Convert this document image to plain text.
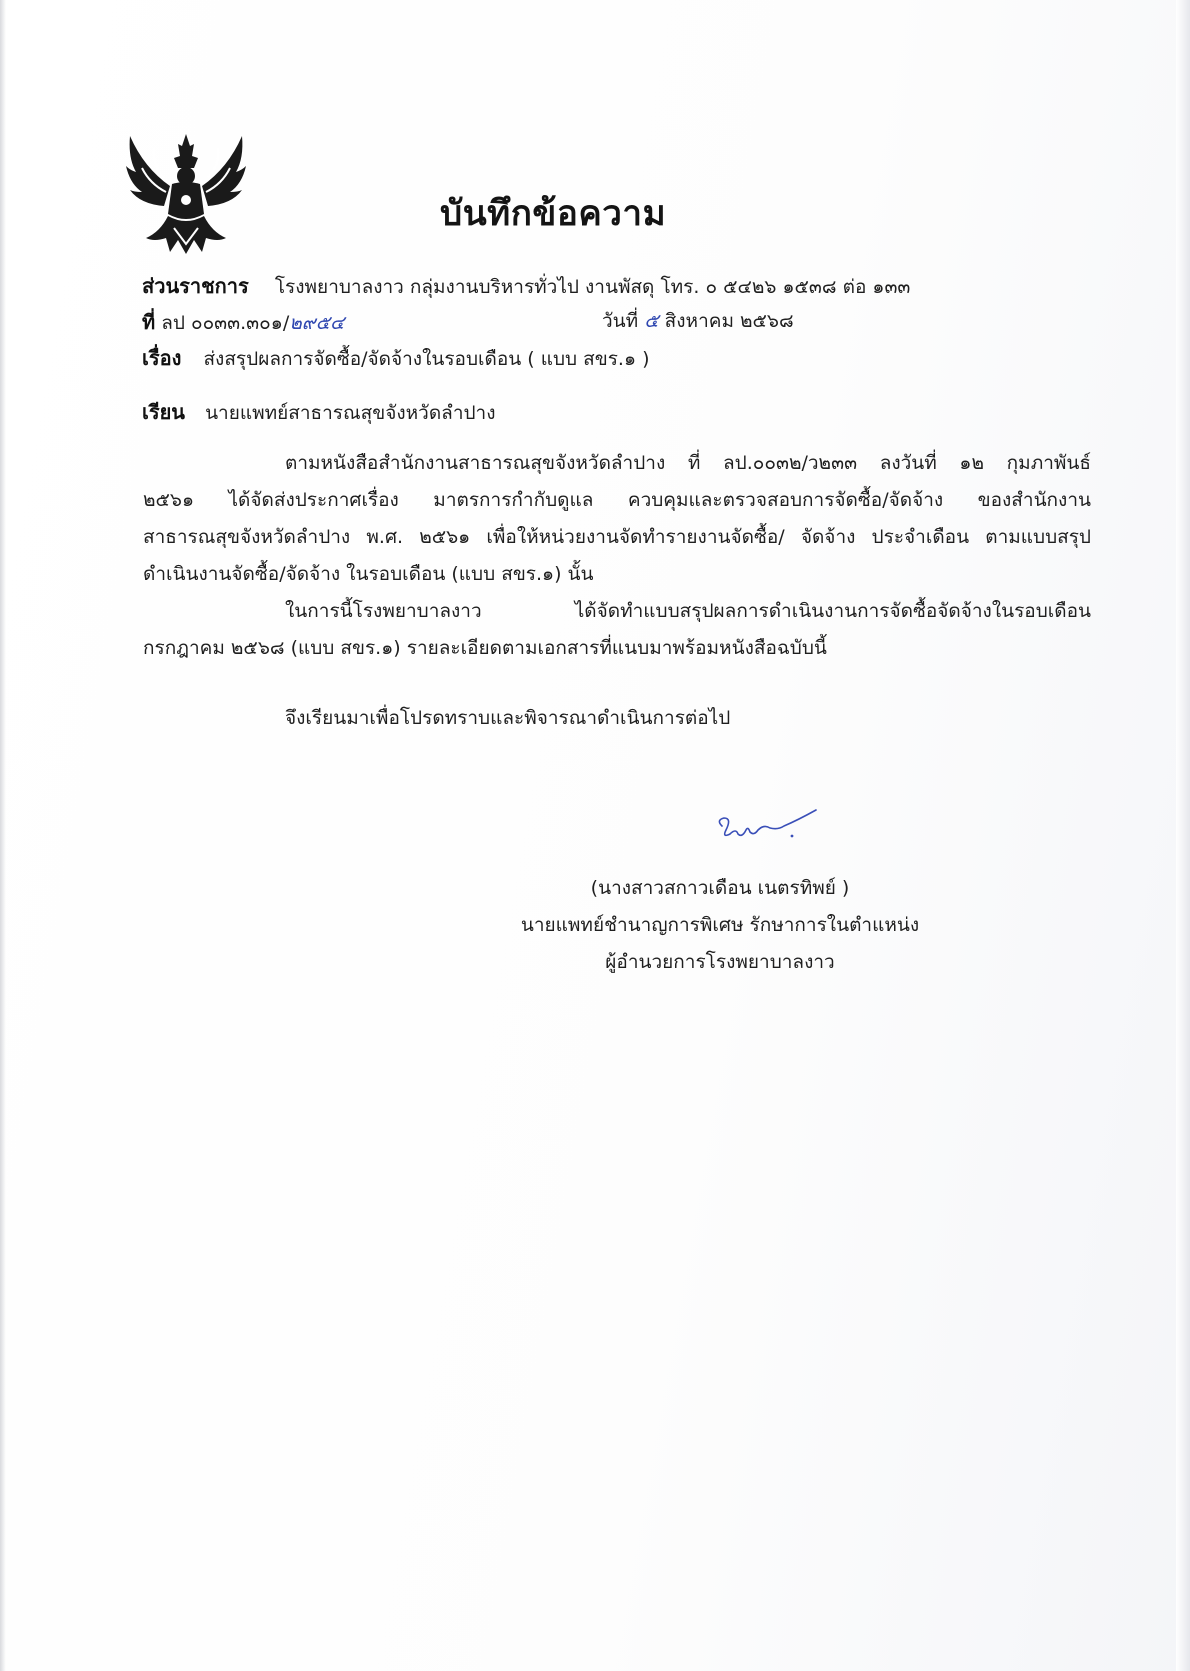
บันทึกข้อความ
ส่วนราชการ โรงพยาบาลงาว กลุ่มงานบริหารทั่วไป งานพัสดุ โทร. ๐ ๕๔๒๖ ๑๕๓๘ ต่อ ๑๓๓
ที่ ลป ๐๐๓๓.๓๐๑/๒๙๕๔	วันที่ ๕ สิงหาคม ๒๕๖๘
เรื่อง ส่งสรุปผลการจัดซื้อ/จัดจ้างในรอบเดือน ( แบบ สขร.๑ )
เรียน นายแพทย์สาธารณสุขจังหวัดลำปาง
ตามหนังสือสำนักงานสาธารณสุขจังหวัดลำปาง ที่ ลป.๐๐๓๒/ว๒๓๓ ลงวันที่ ๑๒ กุมภาพันธ์
๒๕๖๑ ได้จัดส่งประกาศเรื่อง มาตรการกำกับดูแล ควบคุมและตรวจสอบการจัดซื้อ/จัดจ้าง ของสำนักงาน
สาธารณสุขจังหวัดลำปาง พ.ศ. ๒๕๖๑ เพื่อให้หน่วยงานจัดทำรายงานจัดซื้อ/ จัดจ้าง ประจำเดือน ตามแบบสรุป
ดำเนินงานจัดซื้อ/จัดจ้าง ในรอบเดือน (แบบ สขร.๑) นั้น
ในการนี้โรงพยาบาลงาว ได้จัดทำแบบสรุปผลการดำเนินงานการจัดซื้อจัดจ้างในรอบเดือน
กรกฎาคม ๒๕๖๘ (แบบ สขร.๑) รายละเอียดตามเอกสารที่แนบมาพร้อมหนังสือฉบับนี้
จึงเรียนมาเพื่อโปรดทราบและพิจารณาดำเนินการต่อไป
(นางสาวสกาวเดือน เนตรทิพย์ )
นายแพทย์ชำนาญการพิเศษ รักษาการในตำแหน่ง
ผู้อำนวยการโรงพยาบาลงาว
